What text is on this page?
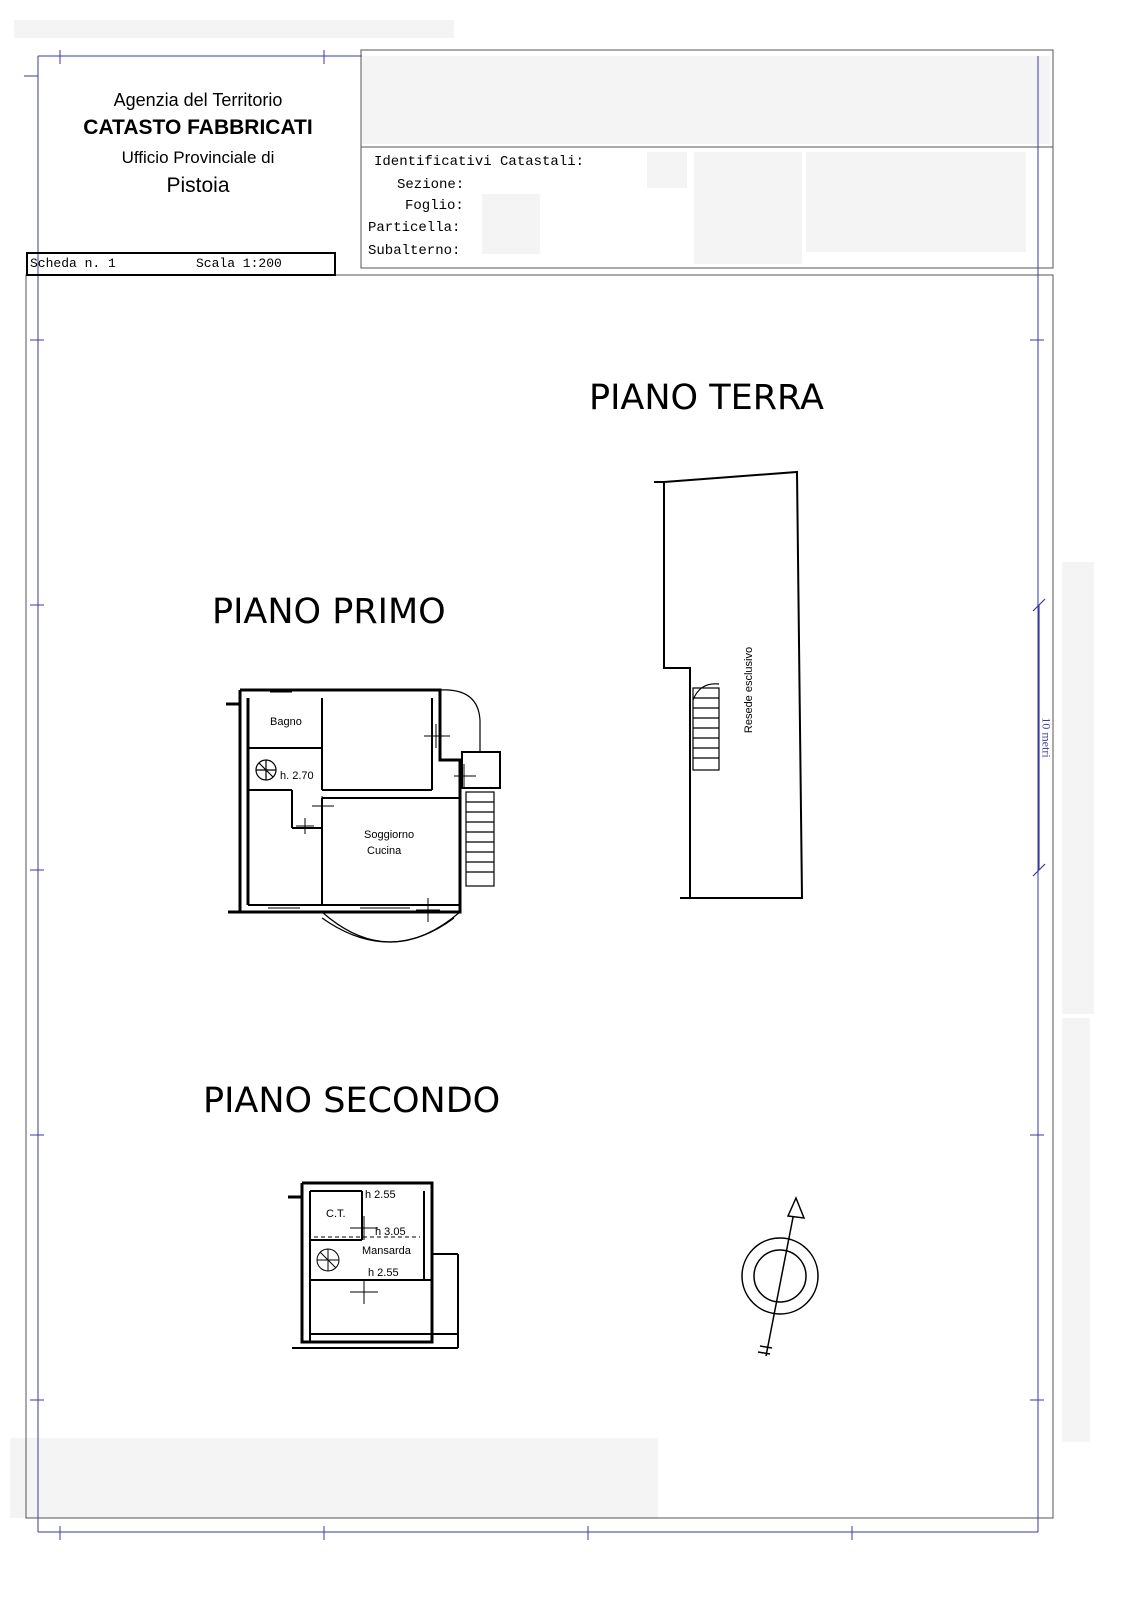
Agenzia del Territorio
CATASTO FABBRICATI
Ufficio Provinciale di
Pistoia
Identificativi Catastali:
Sezione:
Foglio:
Particella:
Subalterno:
Scheda n. 1	Scala 1:200
PIANO TERRA
PIANO PRIMO
PIANO SECONDO
Resede esclusivo
Bagno
h. 2.70
Soggiorno
Cucina
C.T.
h 2.55
h 3.05
Mansarda
h 2.55
10 metri
